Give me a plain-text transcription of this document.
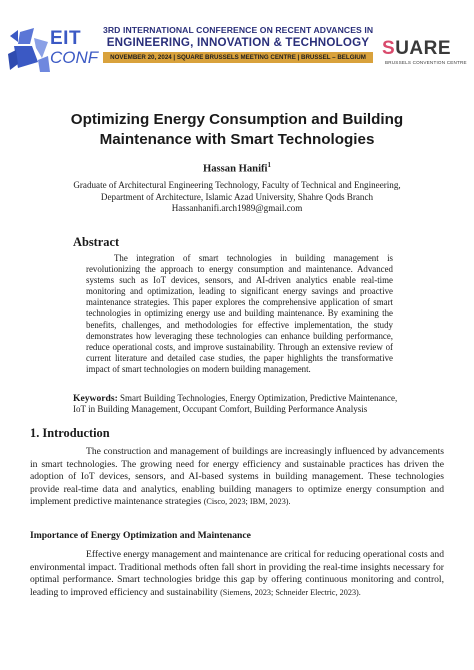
EIT
CONF
3RD INTERNATIONAL CONFERENCE ON RECENT ADVANCES IN
ENGINEERING, INNOVATION & TECHNOLOGY
NOVEMBER 20, 2024 | SQUARE BRUSSELS MEETING CENTRE | BRUSSEL – BELGIUM SUARE
BRUSSELS CONVENTION CENTRE
Optimizing Energy Consumption and Building Maintenance with Smart Technologies
Hassan Hanifi$^1$
Graduate of Architectural Engineering Technology, Faculty of Technical and Engineering,
Department of Architecture, Islamic Azad University, Shahre Qods Branch
Hassanhanifi.arch1989@gmail.com
Abstract
The integration of smart technologies in building management is revolutionizing the approach to energy consumption and maintenance. Advanced systems such as IoT devices, sensors, and AI-driven analytics enable real-time monitoring and optimization, leading to significant energy savings and proactive maintenance strategies. This paper explores the comprehensive application of smart technologies in optimizing energy use and building maintenance. By examining the benefits, challenges, and methodologies for effective implementation, the study demonstrates how leveraging these technologies can enhance building performance, reduce operational costs, and improve sustainability. Through an extensive review of current literature and detailed case studies, the paper highlights the transformative impact of smart technologies on modern building management.
Keywords: Smart Building Technologies, Energy Optimization, Predictive Maintenance, IoT in Building Management, Occupant Comfort, Building Performance Analysis
1. Introduction
The construction and management of buildings are increasingly influenced by advancements in smart technologies. The growing need for energy efficiency and sustainable practices has driven the adoption of IoT devices, sensors, and AI-based systems in building management. These technologies provide real-time data and analytics, enabling building managers to optimize energy consumption and implement predictive maintenance strategies (Cisco, 2023; IBM, 2023).
Importance of Energy Optimization and Maintenance
Effective energy management and maintenance are critical for reducing operational costs and environmental impact. Traditional methods often fall short in providing the real-time insights necessary for optimal performance. Smart technologies bridge this gap by offering continuous monitoring and control, leading to improved efficiency and sustainability (Siemens, 2023; Schneider Electric, 2023).
